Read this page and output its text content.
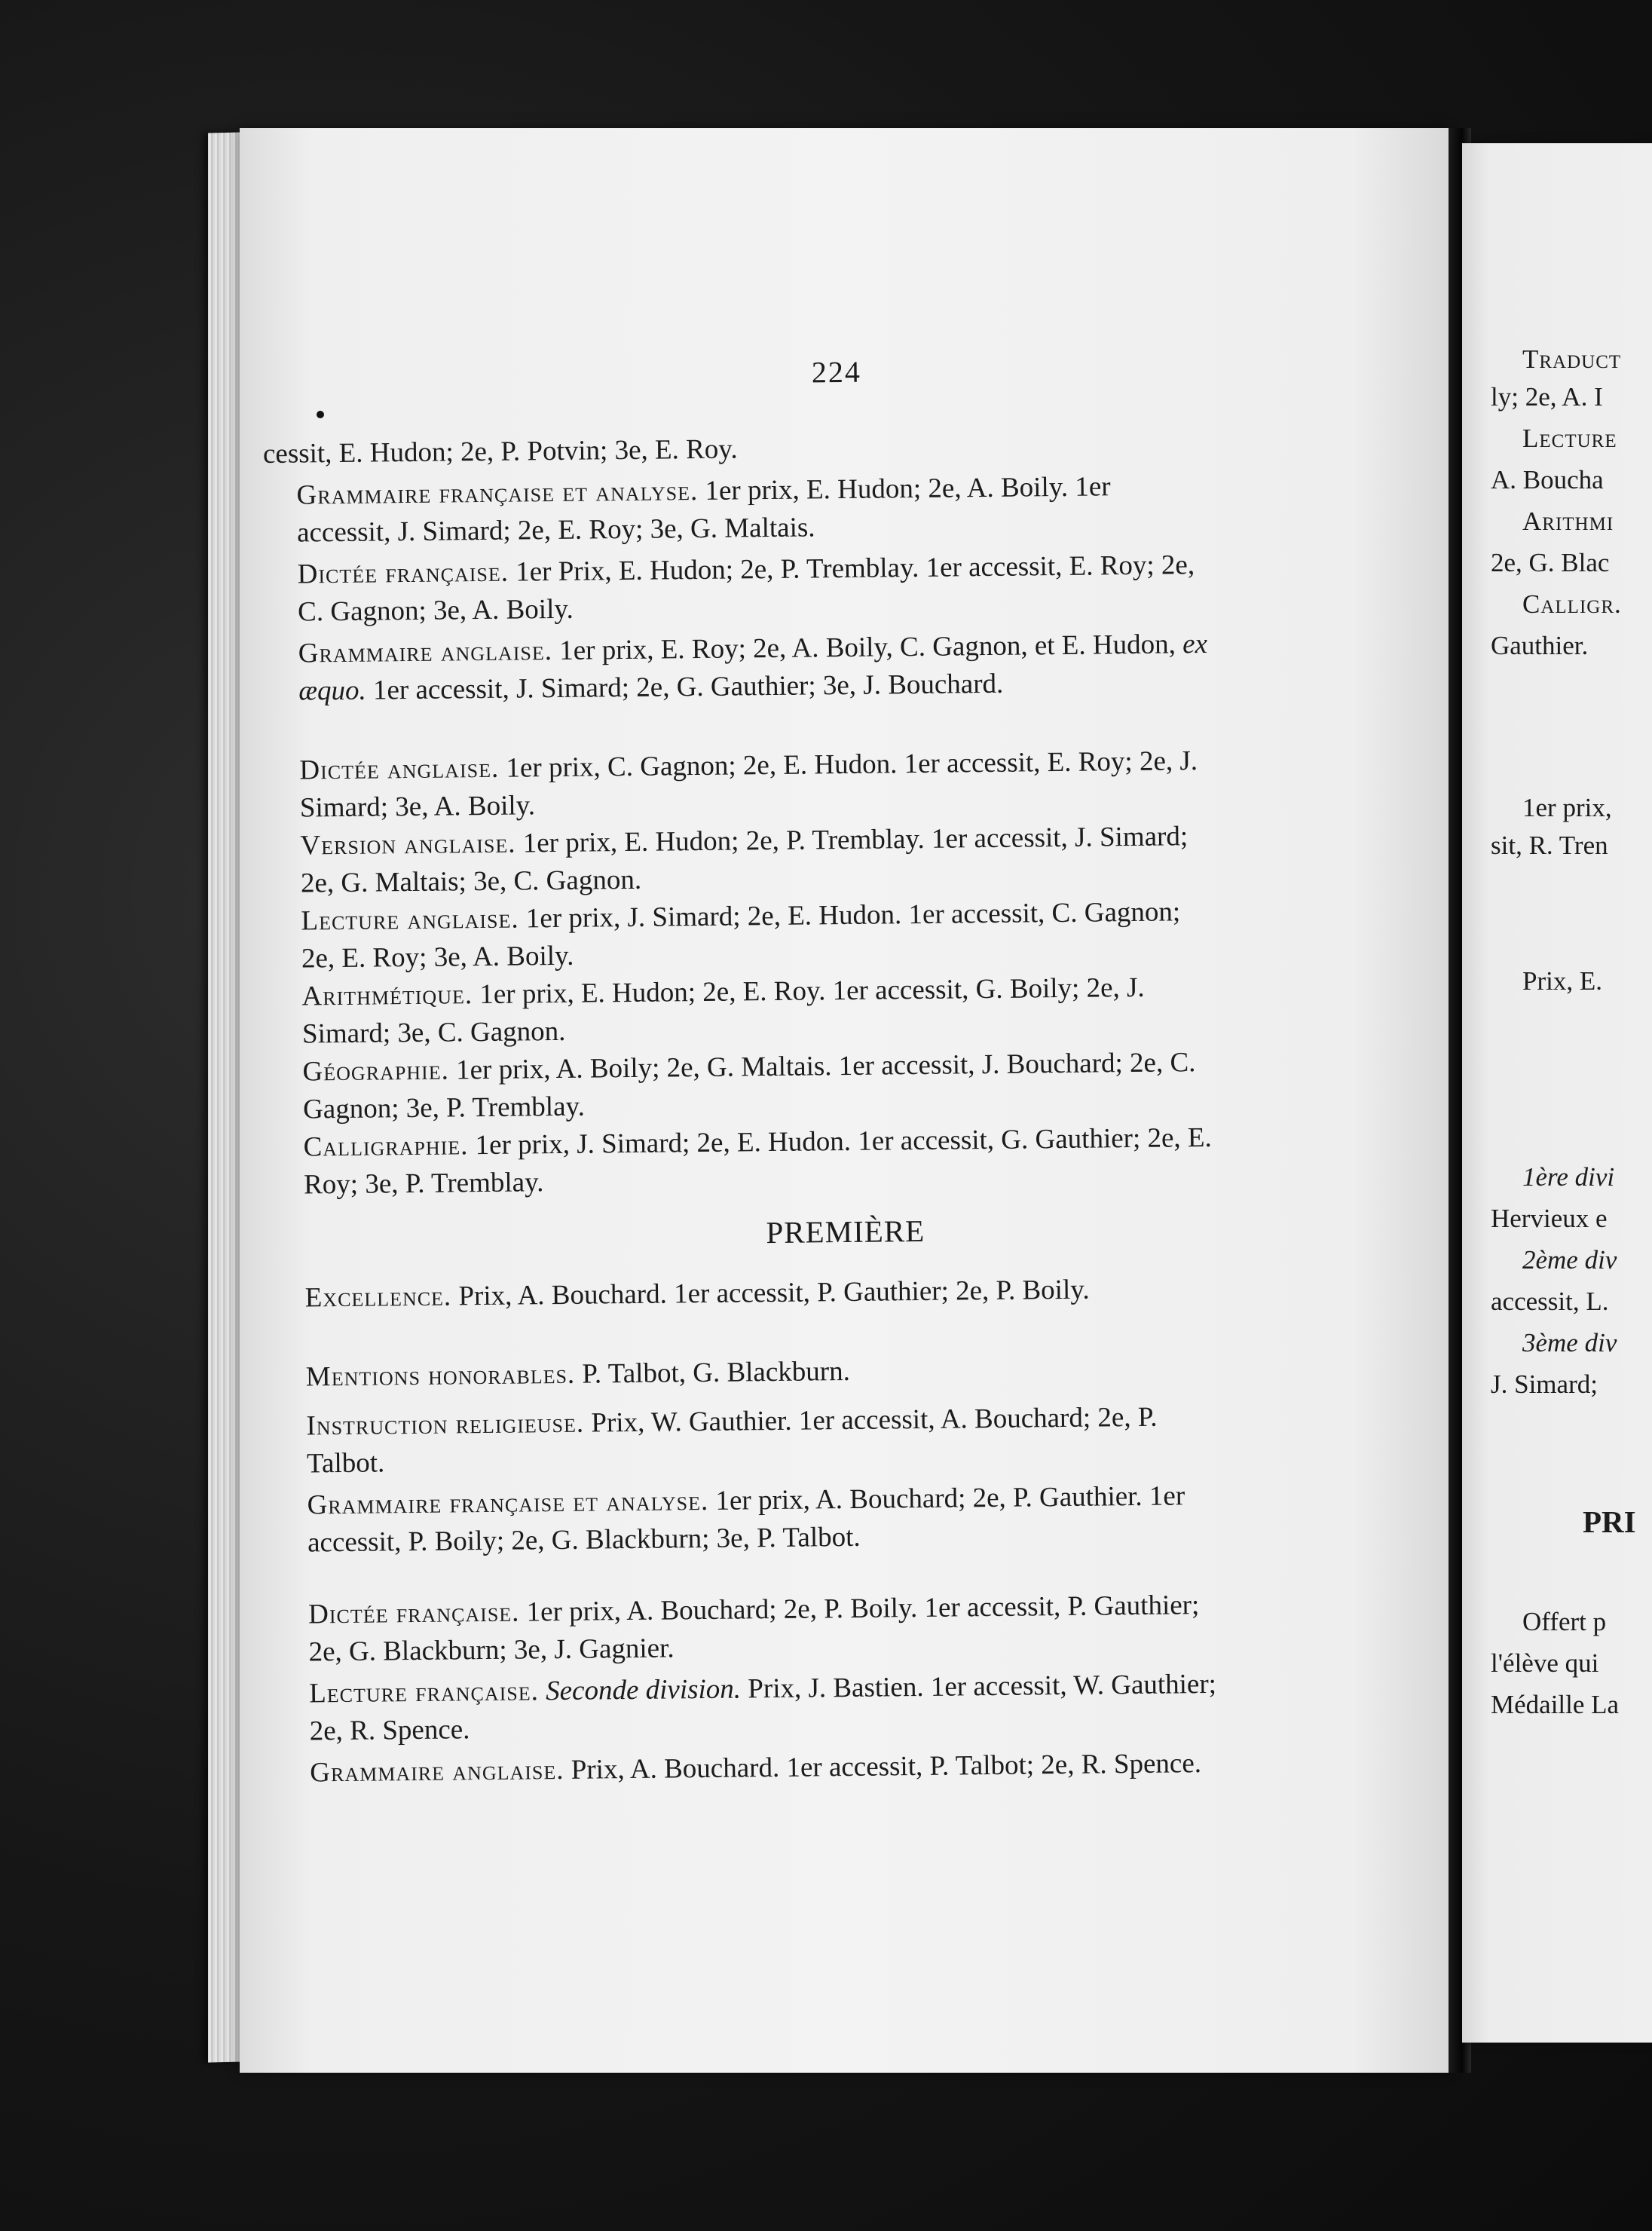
224

cessit, E. Hudon; 2e, P. Potvin; 3e, E. Roy.

Grammaire française et analyse. 1er prix, E. Hudon; 2e, A. Boily. 1er accessit, J. Simard; 2e, E. Roy; 3e, G. Maltais.

Dictée française. 1er Prix, E. Hudon; 2e, P. Tremblay. 1er accessit, E. Roy; 2e, C. Gagnon; 3e, A. Boily.

Grammaire anglaise. 1er prix, E. Roy; 2e, A. Boily, C. Gagnon, et E. Hudon, ex æquo. 1er accessit, J. Simard; 2e, G. Gauthier; 3e, J. Bouchard.

Dictée anglaise. 1er prix, C. Gagnon; 2e, E. Hudon. 1er accessit, E. Roy; 2e, J. Simard; 3e, A. Boily.

Version anglaise. 1er prix, E. Hudon; 2e, P. Tremblay. 1er accessit, J. Simard; 2e, G. Maltais; 3e, C. Gagnon.

Lecture anglaise. 1er prix, J. Simard; 2e, E. Hudon. 1er accessit, C. Gagnon; 2e, E. Roy; 3e, A. Boily.

Arithmétique. 1er prix, E. Hudon; 2e, E. Roy. 1er accessit, G. Boily; 2e, J. Simard; 3e, C. Gagnon.

Géographie. 1er prix, A. Boily; 2e, G. Maltais. 1er accessit, J. Bouchard; 2e, C. Gagnon; 3e, P. Tremblay.

Calligraphie. 1er prix, J. Simard; 2e, E. Hudon. 1er accessit, G. Gauthier; 2e, E. Roy; 3e, P. Tremblay.

PREMIÈRE

Excellence. Prix, A. Bouchard. 1er accessit, P. Gauthier; 2e, P. Boily.

Mentions honorables. P. Talbot, G. Blackburn.

Instruction religieuse. Prix, W. Gauthier. 1er accessit, A. Bouchard; 2e, P. Talbot.

Grammaire française et analyse. 1er prix, A. Bouchard; 2e, P. Gauthier. 1er accessit, P. Boily; 2e, G. Blackburn; 3e, P. Talbot.

Dictée française. 1er prix, A. Bouchard; 2e, P. Boily. 1er accessit, P. Gauthier; 2e, G. Blackburn; 3e, J. Gagnier.

Lecture française. Seconde division. Prix, J. Bastien. 1er accessit, W. Gauthier; 2e, R. Spence.

Grammaire anglaise. Prix, A. Bouchard. 1er accessit, P. Talbot; 2e, R. Spence.

Traduct
ly; 2e, A. I
Lecture
A. Boucha
Arithmi
2e, G. Blac
Calligr.
Gauthier.
1er prix,
sit, R. Tren
Prix, E.
1ère divi
Hervieux e
2ème div
accessit, L.
3ème div
J. Simard;
Offert p
l'élève qui
Médaille La
PRI
